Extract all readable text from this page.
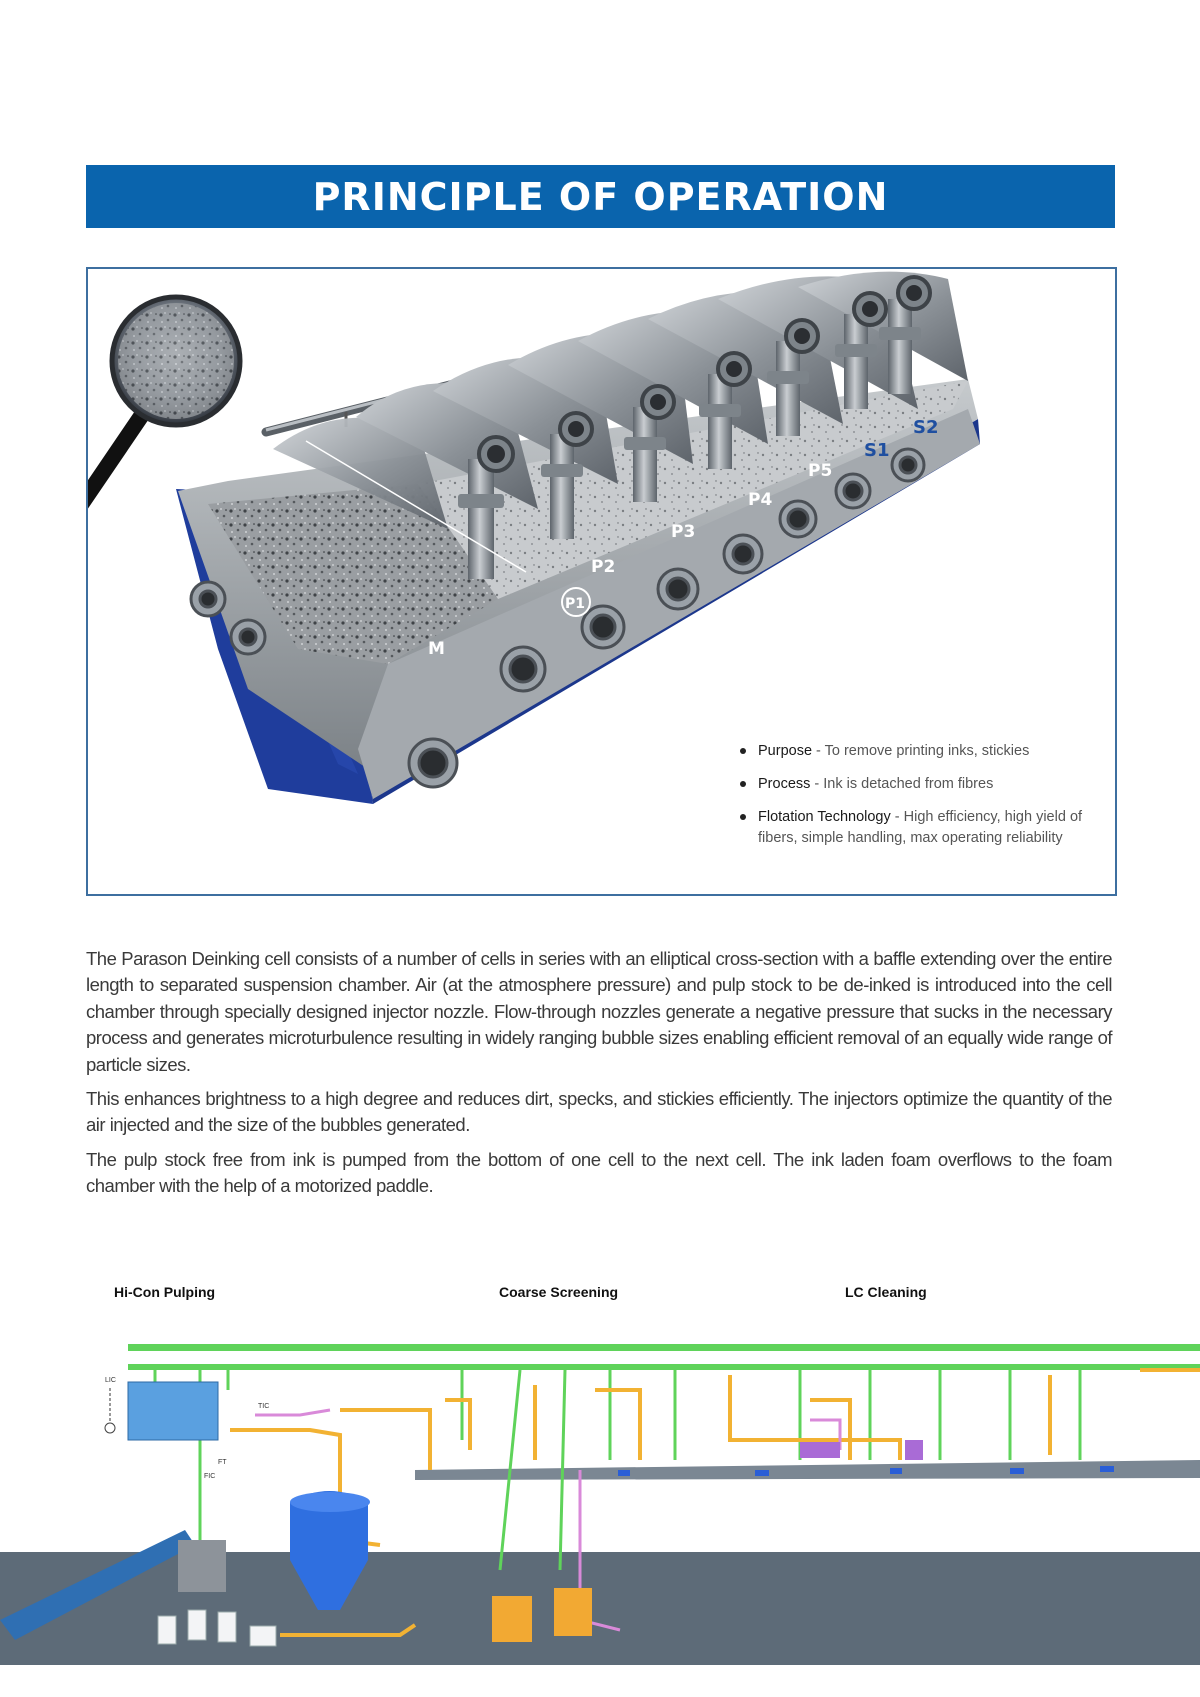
PRINCIPLE OF OPERATION
M
P1
P2
P3
P4
P5
S1
S2
Purpose - To remove printing inks, stickies
Process - Ink is detached from fibres
Flotation Technology - High efficiency, high yield of fibers, simple handling, max operating reliability

The Parason Deinking cell consists of a number of cells in series with an elliptical cross-section with a baffle extending over the entire length to separated suspension chamber. Air (at the atmosphere pressure) and pulp stock to be de-inked is introduced into the cell chamber through specially designed injector nozzle. Flow-through nozzles generate a negative pressure that sucks in the necessary process and generates microturbulence resulting in widely ranging bubble sizes enabling efficient removal of an equally wide range of particle sizes.

This enhances brightness to a high degree and reduces dirt, specks, and stickies efficiently. The injectors optimize the quantity of the air injected and the size of the bubbles generated.

The pulp stock free from ink is pumped from the bottom of one cell to the next cell. The ink laden foam overflows to the foam chamber with the help of a motorized paddle.

Hi-Con Pulping	Coarse Screening	LC Cleaning
LIC
TIC
FT
FIC
